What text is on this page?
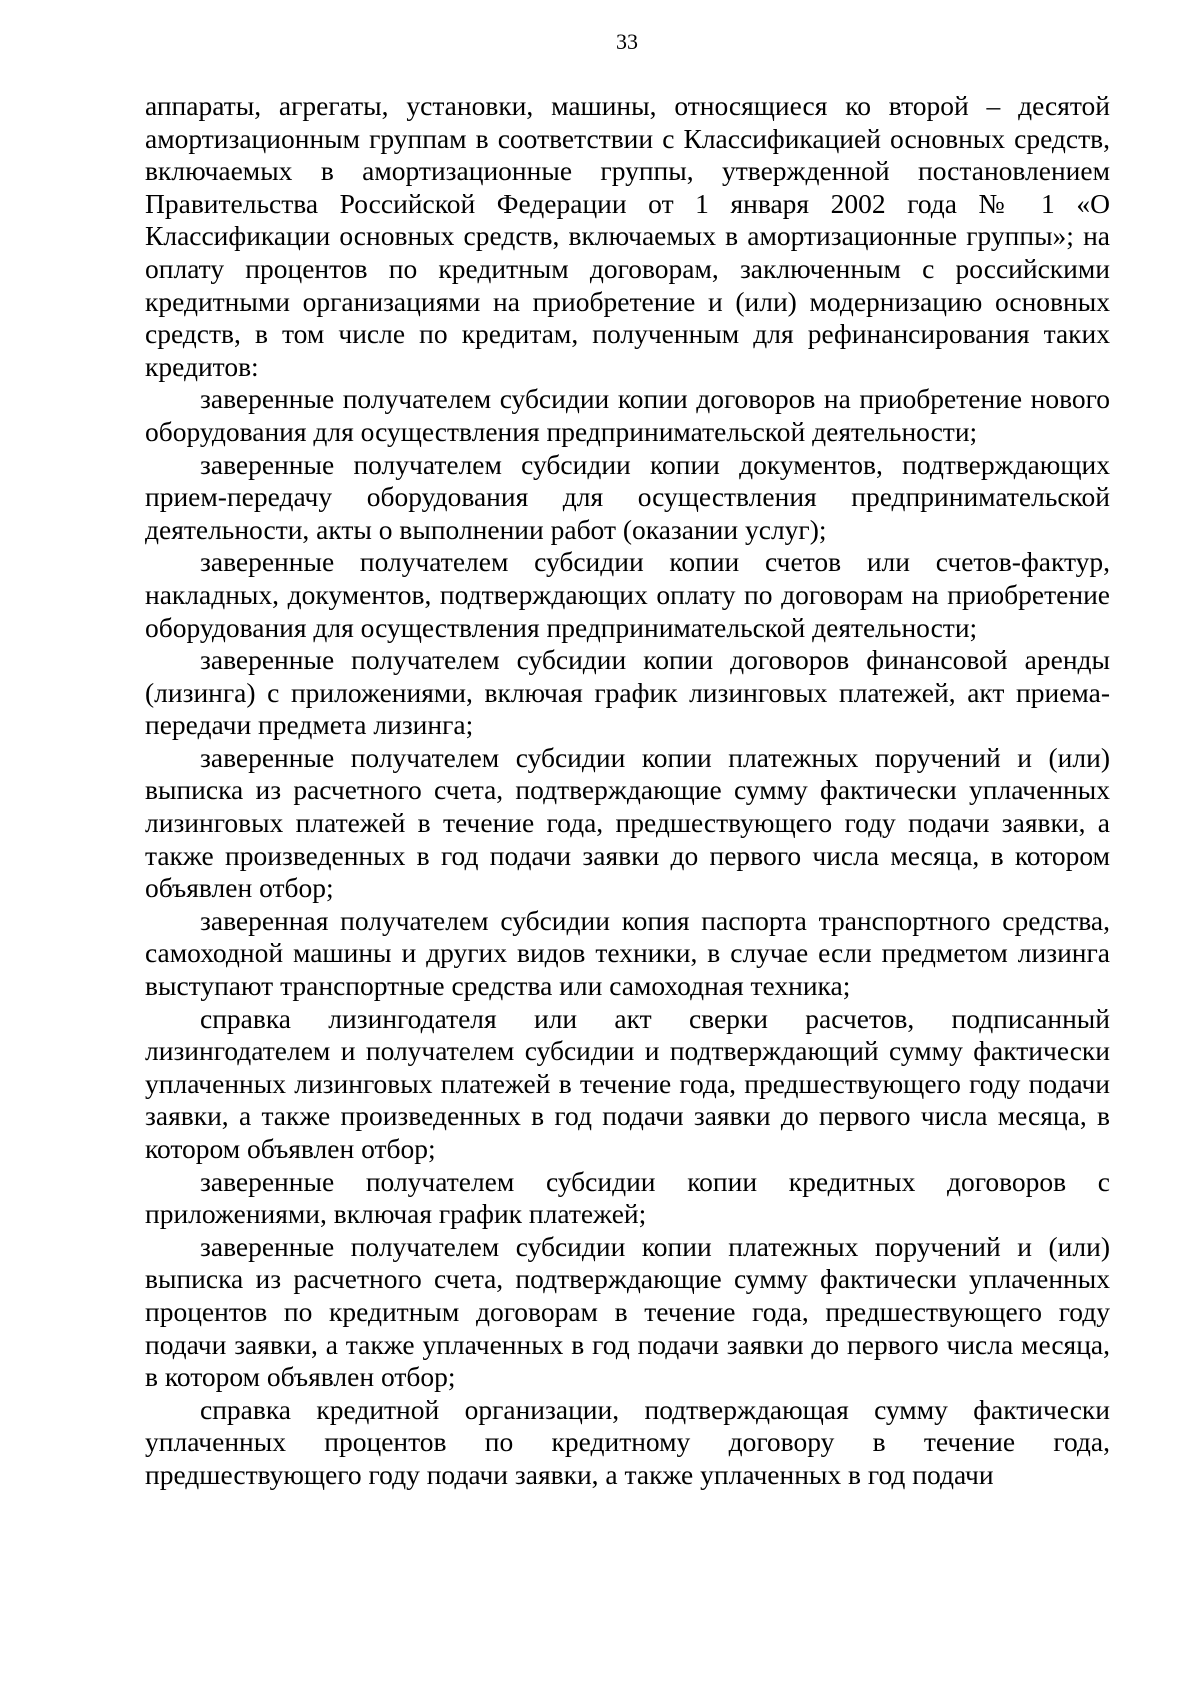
33

аппараты, агрегаты, установки, машины, относящиеся ко второй – десятой амортизационным группам в соответствии с Классификацией основных средств, включаемых в амортизационные группы, утвержденной постановлением Правительства Российской Федерации от 1 января 2002 года № 1 «О Классификации основных средств, включаемых в амортизационные группы»; на оплату процентов по кредитным договорам, заключенным с российскими кредитными организациями на приобретение и (или) модернизацию основных средств, в том числе по кредитам, полученным для рефинансирования таких кредитов:

заверенные получателем субсидии копии договоров на приобретение нового оборудования для осуществления предпринимательской деятельности;

заверенные получателем субсидии копии документов, подтверждающих прием-передачу оборудования для осуществления предпринимательской деятельности, акты о выполнении работ (оказании услуг);

заверенные получателем субсидии копии счетов или счетов-фактур, накладных, документов, подтверждающих оплату по договорам на приобретение оборудования для осуществления предпринимательской деятельности;

заверенные получателем субсидии копии договоров финансовой аренды (лизинга) с приложениями, включая график лизинговых платежей, акт приема-передачи предмета лизинга;

заверенные получателем субсидии копии платежных поручений и (или) выписка из расчетного счета, подтверждающие сумму фактически уплаченных лизинговых платежей в течение года, предшествующего году подачи заявки, а также произведенных в год подачи заявки до первого числа месяца, в котором объявлен отбор;

заверенная получателем субсидии копия паспорта транспортного средства, самоходной машины и других видов техники, в случае если предметом лизинга выступают транспортные средства или самоходная техника;

справка лизингодателя или акт сверки расчетов, подписанный лизингодателем и получателем субсидии и подтверждающий сумму фактически уплаченных лизинговых платежей в течение года, предшествующего году подачи заявки, а также произведенных в год подачи заявки до первого числа месяца, в котором объявлен отбор;

заверенные получателем субсидии копии кредитных договоров с приложениями, включая график платежей;

заверенные получателем субсидии копии платежных поручений и (или) выписка из расчетного счета, подтверждающие сумму фактически уплаченных процентов по кредитным договорам в течение года, предшествующего году подачи заявки, а также уплаченных в год подачи заявки до первого числа месяца, в котором объявлен отбор;

справка кредитной организации, подтверждающая сумму фактически уплаченных процентов по кредитному договору в течение года, предшествующего году подачи заявки, а также уплаченных в год подачи
